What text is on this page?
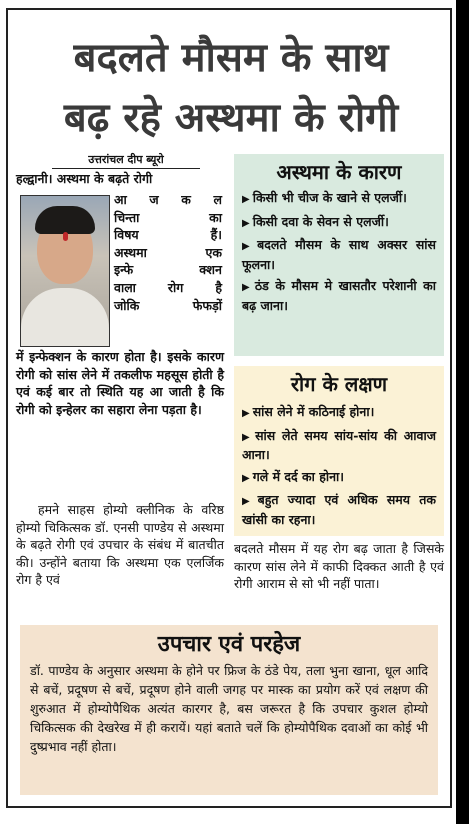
बदलते मौसम के साथ
बढ़ रहे अस्थमा के रोगी
उत्तरांचल दीप ब्यूरो
हल्द्वानी। अस्थमा के बढ़ते रोगी
आ ज क ल
चिन्ता का
विषय हैं।
अस्थमा एक
इन्फे क्शन
वाला रोग है
जोकि फेफड़ों
में इन्फेक्शन के कारण होता है। इसके कारण रोगी को सांस लेने में तकलीफ महसूस होती है एवं कई बार तो स्थिति यह आ जाती है कि रोगी को इन्हेलर का सहारा लेना पड़ता है।
हमने साहस होम्यो क्लीनिक के वरिष्ठ होम्यो चिकित्सक डॉ. एनसी पाण्डेय से अस्थमा के बढ़ते रोगी एवं उपचार के संबंध में बातचीत की। उन्होंने बताया कि अस्थमा एक एलर्जिक रोग है एवं
अस्थमा के कारण
▶ किसी भी चीज के खाने से एलर्जी।
▶ किसी दवा के सेवन से एलर्जी।
▶ बदलते मौसम के साथ अक्सर सांस फूलना।
▶ ठंड के मौसम मे खासतौर परेशानी का बढ़ जाना।
रोग के लक्षण
▶ सांस लेने में कठिनाई होना।
▶ सांस लेते समय सांय-सांय की आवाज आना।
▶ गले में दर्द का होना।
▶ बहुत ज्यादा एवं अधिक समय तक खांसी का रहना।
बदलते मौसम में यह रोग बढ़ जाता है जिसके कारण सांस लेने में काफी दिक्कत आती है एवं रोगी आराम से सो भी नहीं पाता।
उपचार एवं परहेज
डॉ. पाण्डेय के अनुसार अस्थमा के होने पर फ्रिज के ठंडे पेय, तला भुना खाना, धूल आदि से बचें, प्रदूषण से बचें, प्रदूषण होने वाली जगह पर मास्क का प्रयोग करें एवं लक्षण की शुरुआत में होम्योपैथिक अत्यंत कारगर है, बस जरूरत है कि उपचार कुशल होम्यो चिकित्सक की देखरेख में ही करायें। यहां बताते चलें कि होम्योपैथिक दवाओं का कोई भी दुष्प्रभाव नहीं होता।
